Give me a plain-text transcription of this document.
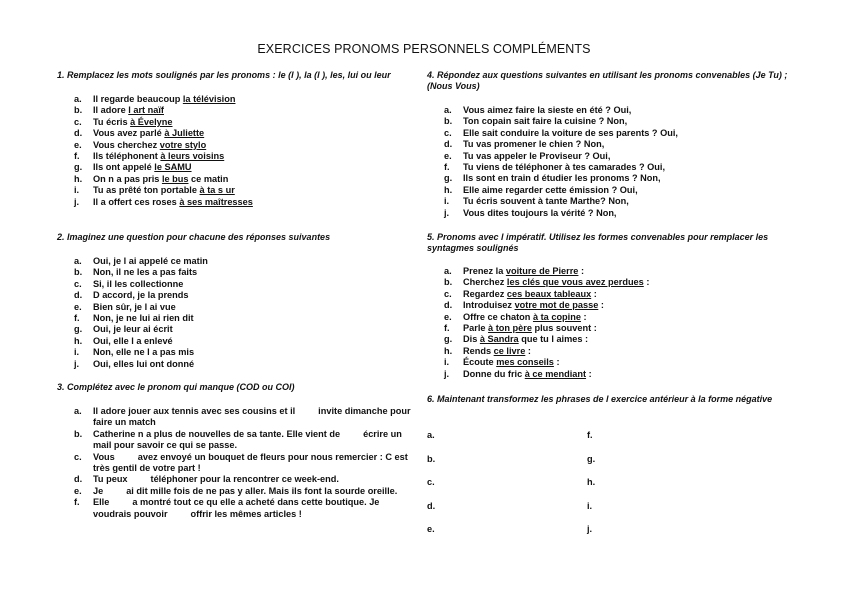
EXERCICES PRONOMS PERSONNELS COMPLÉMENTS

1. Remplacez les mots soulignés par les pronoms : le (l ), la (l ), les, lui ou leur

a.	Il regarde beaucoup la télévision
b.	Il adore l art naïf
c.	Tu écris à Évelyne
d.	Vous avez parlé à Juliette
e.	Vous cherchez votre stylo
f.	Ils téléphonent à leurs voisins
g.	Ils ont appelé le SAMU
h.	On n a pas pris le bus ce matin
i.	Tu as prêté ton portable à ta s ur
j.	Il a offert ces roses à ses maîtresses

2. Imaginez une question pour chacune des réponses suivantes

a.	Oui, je l ai appelé ce matin
b.	Non, il ne les a pas faits
c.	Si, il les collectionne
d.	D accord, je la prends
e.	Bien sûr, je l ai vue
f.	Non, je ne lui ai rien dit
g.	Oui, je leur ai écrit
h.	Oui, elle l a enlevé
i.	Non, elle ne l a pas mis
j.	Oui, elles lui ont donné

3. Complétez avec le pronom qui manque (COD ou COI)

a.	Il adore jouer aux tennis avec ses cousins et il         invite dimanche pour faire un match
b.	Catherine n a plus de nouvelles de sa tante. Elle vient de         écrire un mail pour savoir ce qui se passe.
c.	Vous         avez envoyé un bouquet de fleurs pour nous remercier : C est très gentil de votre part !
d.	Tu peux         téléphoner pour la rencontrer ce week-end.
e.	Je         ai dit mille fois de ne pas y aller. Mais ils font la sourde oreille.
f.	Elle         a montré tout ce qu elle a acheté dans cette boutique. Je voudrais pouvoir         offrir les mêmes articles !

4. Répondez aux questions suivantes en utilisant les pronoms convenables (Je Tu) ; (Nous Vous)

a.	Vous aimez faire la sieste en été ? Oui,
b.	Ton copain sait faire la cuisine ? Non,
c.	Elle sait conduire la voiture de ses parents ? Oui,
d.	Tu vas promener le chien ? Non,
e.	Tu vas appeler le Proviseur ? Oui,
f.	Tu viens de téléphoner à tes camarades ? Oui,
g.	Ils sont en train d étudier les pronoms ? Non,
h.	Elle aime regarder cette émission ? Oui,
i.	Tu écris souvent à tante Marthe? Non,
j.	Vous dites toujours la vérité ? Non,

5. Pronoms avec l impératif. Utilisez les formes convenables pour remplacer les syntagmes soulignés

a.	Prenez la voiture de Pierre :
b.	Cherchez les clés que vous avez perdues :
c.	Regardez ces beaux tableaux :
d.	Introduisez votre mot de passe :
e.	Offre ce chaton à ta copine :
f.	Parle à ton père plus souvent :
g.	Dis à Sandra que tu l aimes :
h.	Rends ce livre :
i.	Écoute mes conseils :
j.	Donne du fric à ce mendiant :

6. Maintenant transformez les phrases de l exercice antérieur à la forme négative

a.
b.
c.
d.
e.
f.
g.
h.
i.
j.
